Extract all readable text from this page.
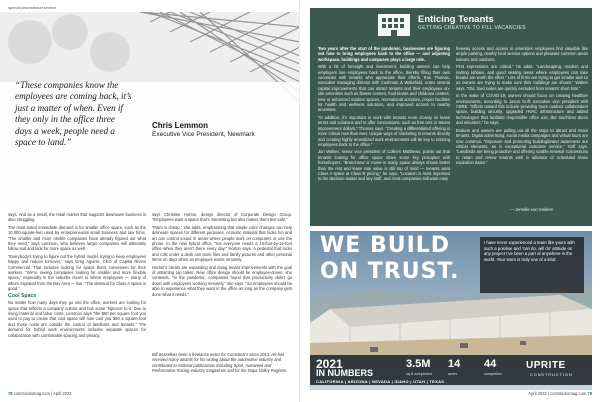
special promotional section

“These companies know the employees are coming back, it’s just a matter of when. Even if they only in the office three days a week, people need a space to land.”

Chris Lemmon
Executive Vice President, Newmark

says. And as a result, the retail market that supports downtown business is also struggling.

The most-noted immediate demand is for smaller office space, such as the 10,000-square-feet used by entrepreneurial small business and law firms. “The smaller and more nimble companies have already figured out what they need,” says Lemmon, who believes larger companies will ultimately follow suit and look for more space as well.

“Everybody’s trying to figure out the hybrid model, trying to keep employees happy and reduce turnover,” says Greg Aguirre, CEO of Capital Rivers Commercial. That includes looking for space that’s convenient for their workers. “We’re seeing companies looking for smaller and more flexible space,” especially in the suburbs closer to where employees — many of whom migrated from the Bay Area — live. “The demand for Class A space is good.”

Cool Space

No matter how many days they go into the office, workers are looking for space that reflects a company culture and has some ‘hipness’ to it. Due to rising material and labor costs, Lemmon says “the $60 per square foot you used to pay to create that cool space will now cost you $90 a square foot and those costs are outside the control of landlords and tenants.” The demand for hybrid work environments includes separate spaces for collaboration with comfortable spacing and privacy,

says Christine Horton, design director of Corporate Design Group. “Employees want a space that’s interesting but also makes them feel safe.”

“Paint is cheap,” she adds, emphasizing that simple color changes can help delineate spaces for different purposes. Acoustic material that looks fun and art can control sound in areas where people work on computers or use the phone. In the new hybrid office, “not everyone needs a 10-foot-by-12-foot office when they aren’t there every day,” Horton says. A pedestal that locks and rolls under a desk can store files and family pictures and other personal items on days when an employee works remotely.

Horton’s clients are expanding and doing tenant improvements with the goal of attracting top talent. New office design should be employee-driven, she contends. “In the pandemic, companies found that productivity didn’t go down with employees working remotely,” she says. “So employees should be able to experience what they want in the office as long as the company gets done what it needs.”

Bill Sesselkas been a freelance writer for Comstock’s since 2013. He has received many awards for his writing about the automotive industry and contributed to national publications including Sport, Autoweek and Performance Racing Industry magazines and for the Napa Valley Register.
78 comstocksmag.com | April 2022
Enticing Tenants
GETTING CREATIVE TO FILL VACANCIES

Two years after the start of the pandemic, businesses are figuring out how to bring employees back to the office — and adjusting workspace, buildings and campuses plays a large role.

With a bit of foresight and investment, building owners can help employers lure employees back to the office, thereby filling their own vacancies with tenants who appreciate their efforts. Ron Thomas, executive managing director with Cushman & Wakefield, notes several capital improvements that can attract tenants and their employees on-site amenities such as fitness centers, food kiosks and childcare centers, new or enhanced outdoor spaces, recreational activities, proper facilities for health and wellness solutions, and improved access to nearby amenities.

“In addition, it’s important to work with tenants more closely on lease terms and solutions and to offer concessions, such as free rent or tenant improvement dollars,” Thomas says. “Creating a differentiated offering is more critical now than ever. Unique ways of marketing to tenants directly and creating highly amenitized work environments will be key to enticing employees back to the office.”

Jon Walker, senior vice president of Colliers Matthews, points out that tenants looking for office space share some key principles with homebuyers. “Brand-new or move-in ready space always shows better than the rest and lease rate value is still top of mind — tenants want Class A space at Class B pricing,” he says. “Location is most important to the decision-maker and key staff, and most companies still want easy

freeway access and access to amenities employees find valuable like ample parking, nearby food service options and pleasant common areas indoors and outdoors.

First impressions are critical,” he adds. “Landscaping, modern and inviting lobbies, and good seating areas where employees can take breaks are worth the effort.” Lots of firms are trying to get smaller and so as owners are trying to make sure their buildings are shown,” Walker says. “Old, tired suites are quickly excluded from tenants’ short lists.”

In the wake of COVID-19, owners should focus on creating healthier environments, according to Jason Goff, executive vice president with CBRE. “Efforts toward this include providing more outdoor collaboration space, building security, upgraded HVAC infrastructure and added technologies that facilitate responsible office use, like touchless doors and elevators,” he says.

Brokers and owners are pulling out all the stops to attract and retain tenants. Digital advertising, social media campaigns and virtual tours are now common. “Exposure and promoting building/brand awareness are critical elements, as is exceptional customer service,” Goff says. “Landlords are being proactive and offering sizable renewal concessions to retain and renew tenants well in advance of scheduled lease expiration dates.”

— Jennifer von Geldern
WE BUILD
ON TRUST.
I have never experienced a team like yours with such a positive and ‘can do, will do’ attitude on any project I’ve been a part of anywhere in the world. Your team is truly one of a kind.
2021
IN NUMBERS
3.5M
sq ft completed
14
acres
44
completed
CALIFORNIA | ARIZONA | NEVADA | IDAHO | UTAH | TEXAS
UPRITE
CONSTRUCTION
April 2022 | comstocksmag.com 79
